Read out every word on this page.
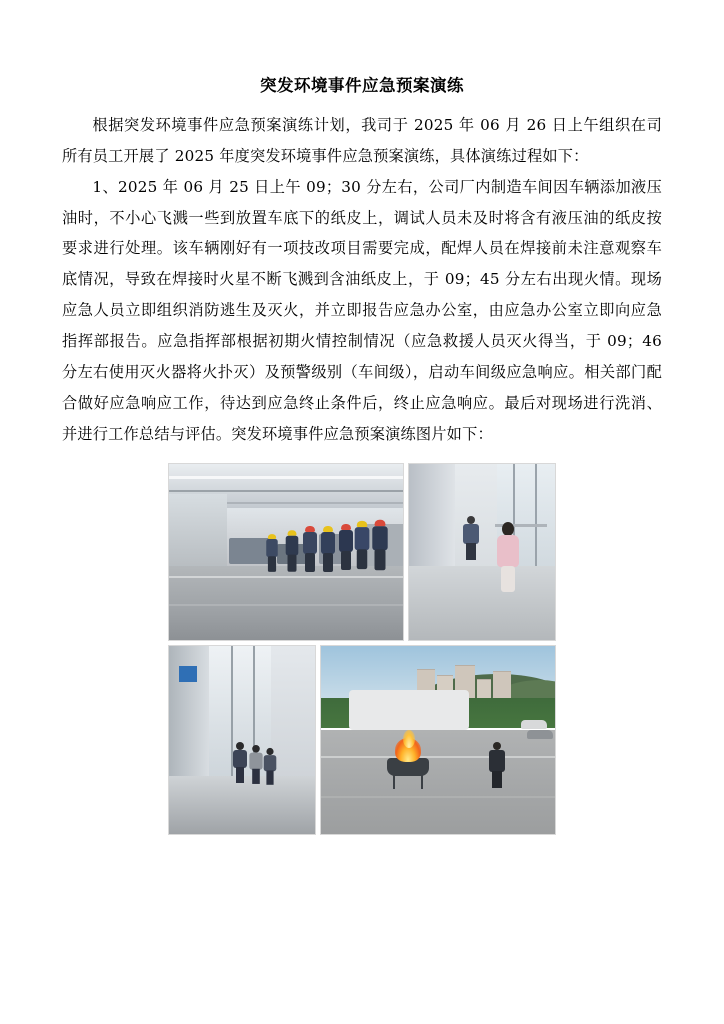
突发环境事件应急预案演练

根据突发环境事件应急预案演练计划，我司于 2025 年 06 月 26 日上午组织在司所有员工开展了 2025 年度突发环境事件应急预案演练，具体演练过程如下：

1、2025 年 06 月 25 日上午 09；30 分左右，公司厂内制造车间因车辆添加液压油时，不小心飞溅一些到放置车底下的纸皮上，调试人员未及时将含有液压油的纸皮按要求进行处理。该车辆刚好有一项技改项目需要完成，配焊人员在焊接前未注意观察车底情况，导致在焊接时火星不断飞溅到含油纸皮上，于 09；45 分左右出现火情。现场应急人员立即组织消防逃生及灭火，并立即报告应急办公室，由应急办公室立即向应急指挥部报告。应急指挥部根据初期火情控制情况（应急救援人员灭火得当，于 09；46 分左右使用灭火器将火扑灭）及预警级别（车间级），启动车间级应急响应。相关部门配合做好应急响应工作，待达到应急终止条件后，终止应急响应。最后对现场进行洗消、并进行工作总结与评估。突发环境事件应急预案演练图片如下：
